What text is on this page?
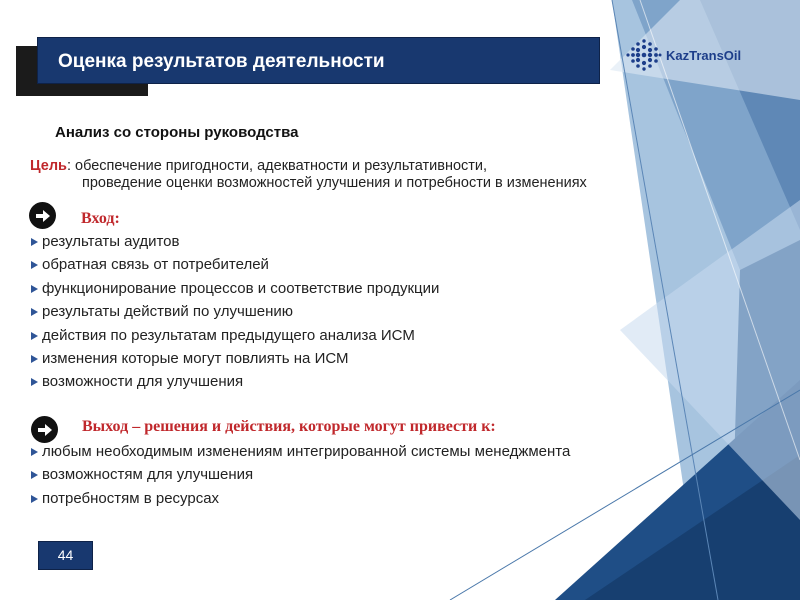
Оценка результатов деятельности	KazTransOil
Анализ со стороны руководства
Цель: обеспечение пригодности, адекватности и результативности,
проведение оценки возможностей улучшения и потребности в изменениях
Вход:
результаты аудитов
обратная связь от потребителей
функционирование процессов и соответствие продукции
результаты действий по улучшению
действия по результатам предыдущего анализа ИСМ
изменения которые могут повлиять на ИСМ
возможности для улучшения
Выход – решения и действия, которые могут привести к:
любым необходимым изменениям интегрированной системы менеджмента
возможностям для улучшения
потребностям в ресурсах
44
